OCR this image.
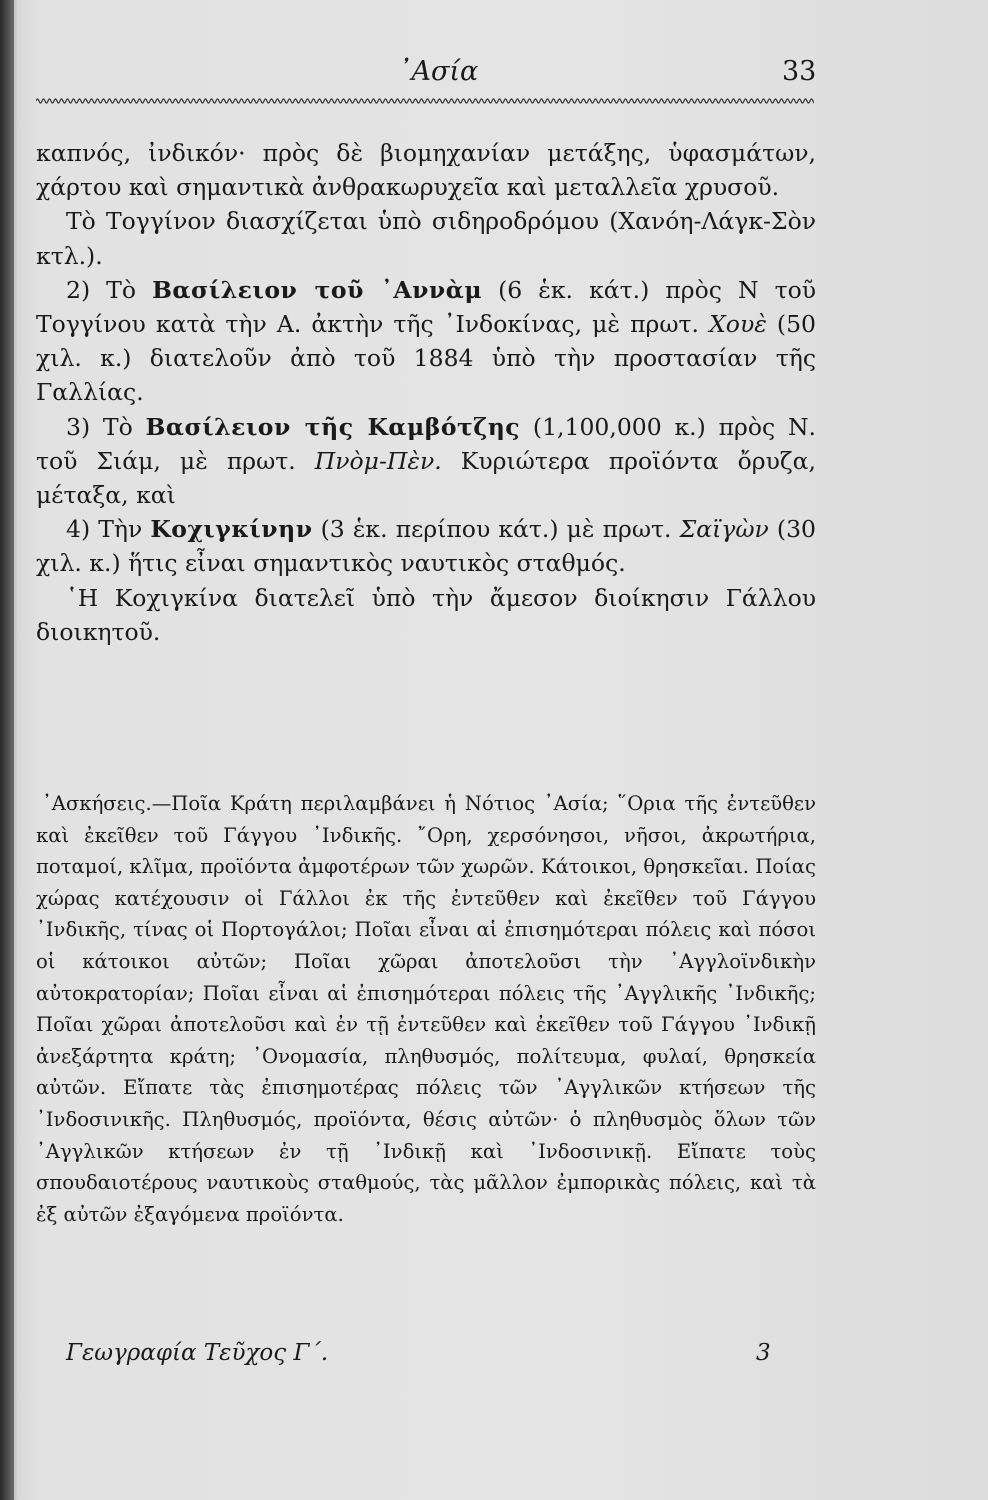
᾿Ασία	33

καπνός, ἰνδικόν· πρὸς δὲ βιομηχανίαν μετάξης, ὑφασμάτων, χάρτου καὶ σημαντικὰ ἀνθρακωρυχεῖα καὶ μεταλλεῖα χρυσοῦ.

Τὸ Τογγίνον διασχίζεται ὑπὸ σιδηροδρόμου (Χανόη-Λάγκ-Σὸν κτλ.).

2) Τὸ Βασίλειον τοῦ ᾿Αννὰμ (6 ἑκ. κάτ.) πρὸς Ν τοῦ Τογγίνου κατὰ τὴν Α. ἀκτὴν τῆς ᾿Ινδοκίνας, μὲ πρωτ. Χουὲ (50 χιλ. κ.) διατελοῦν ἀπὸ τοῦ 1884 ὑπὸ τὴν προστασίαν τῆς Γαλλίας.

3) Τὸ Βασίλειον τῆς Καμβότζης (1,100,000 κ.) πρὸς Ν. τοῦ Σιάμ, μὲ πρωτ. Πνὸμ-Πὲν. Κυριώτερα προϊόντα ὄρυζα, μέταξα, καὶ

4) Τὴν Κοχιγκίνην (3 ἑκ. περίπου κάτ.) μὲ πρωτ. Σαϊγὼν (30 χιλ. κ.) ἥτις εἶναι σημαντικὸς ναυτικὸς σταθμός.

῾Η Κοχιγκίνα διατελεῖ ὑπὸ τὴν ἄμεσον διοίκησιν Γάλλου διοικητοῦ.

᾿Ασκήσεις.—Ποῖα Κράτη περιλαμβάνει ἡ Νότιος ᾿Ασία; ῞Ορια τῆς ἐντεῦθεν καὶ ἐκεῖθεν τοῦ Γάγγου ᾿Ινδικῆς. ῎Ορη, χερσόνησοι, νῆσοι, ἀκρωτήρια, ποταμοί, κλῖμα, προϊόντα ἀμφοτέρων τῶν χωρῶν. Κάτοικοι, θρησκεῖαι. Ποίας χώρας κατέχουσιν οἱ Γάλλοι ἐκ τῆς ἐντεῦθεν καὶ ἐκεῖθεν τοῦ Γάγγου ᾿Ινδικῆς, τίνας οἱ Πορτογάλοι; Ποῖαι εἶναι αἱ ἐπισημότεραι πόλεις καὶ πόσοι οἱ κάτοικοι αὐτῶν; Ποῖαι χῶραι ἀποτελοῦσι τὴν ᾿Αγγλοϊνδικὴν αὐτοκρατορίαν; Ποῖαι εἶναι αἱ ἐπισημότεραι πόλεις τῆς ᾿Αγγλικῆς ᾿Ινδικῆς; Ποῖαι χῶραι ἀποτελοῦσι καὶ ἐν τῇ ἐντεῦθεν καὶ ἐκεῖθεν τοῦ Γάγγου ᾿Ινδικῇ ἀνεξάρτητα κράτη; ᾿Ονομασία, πληθυσμός, πολίτευμα, φυλαί, θρησκεία αὐτῶν. Εἴπατε τὰς ἐπισημοτέρας πόλεις τῶν ᾿Αγγλικῶν κτήσεων τῆς ᾿Ινδοσινικῆς. Πληθυσμός, προϊόντα, θέσις αὐτῶν· ὁ πληθυσμὸς ὅλων τῶν ᾿Αγγλικῶν κτήσεων ἐν τῇ ᾿Ινδικῇ καὶ ᾿Ινδοσινικῇ. Εἴπατε τοὺς σπουδαιοτέρους ναυτικοὺς σταθμούς, τὰς μᾶλλον ἐμπορικὰς πόλεις, καὶ τὰ ἐξ αὐτῶν ἐξαγόμενα προϊόντα.

Γεωγραφία Τεῦχος Γ΄.	3
